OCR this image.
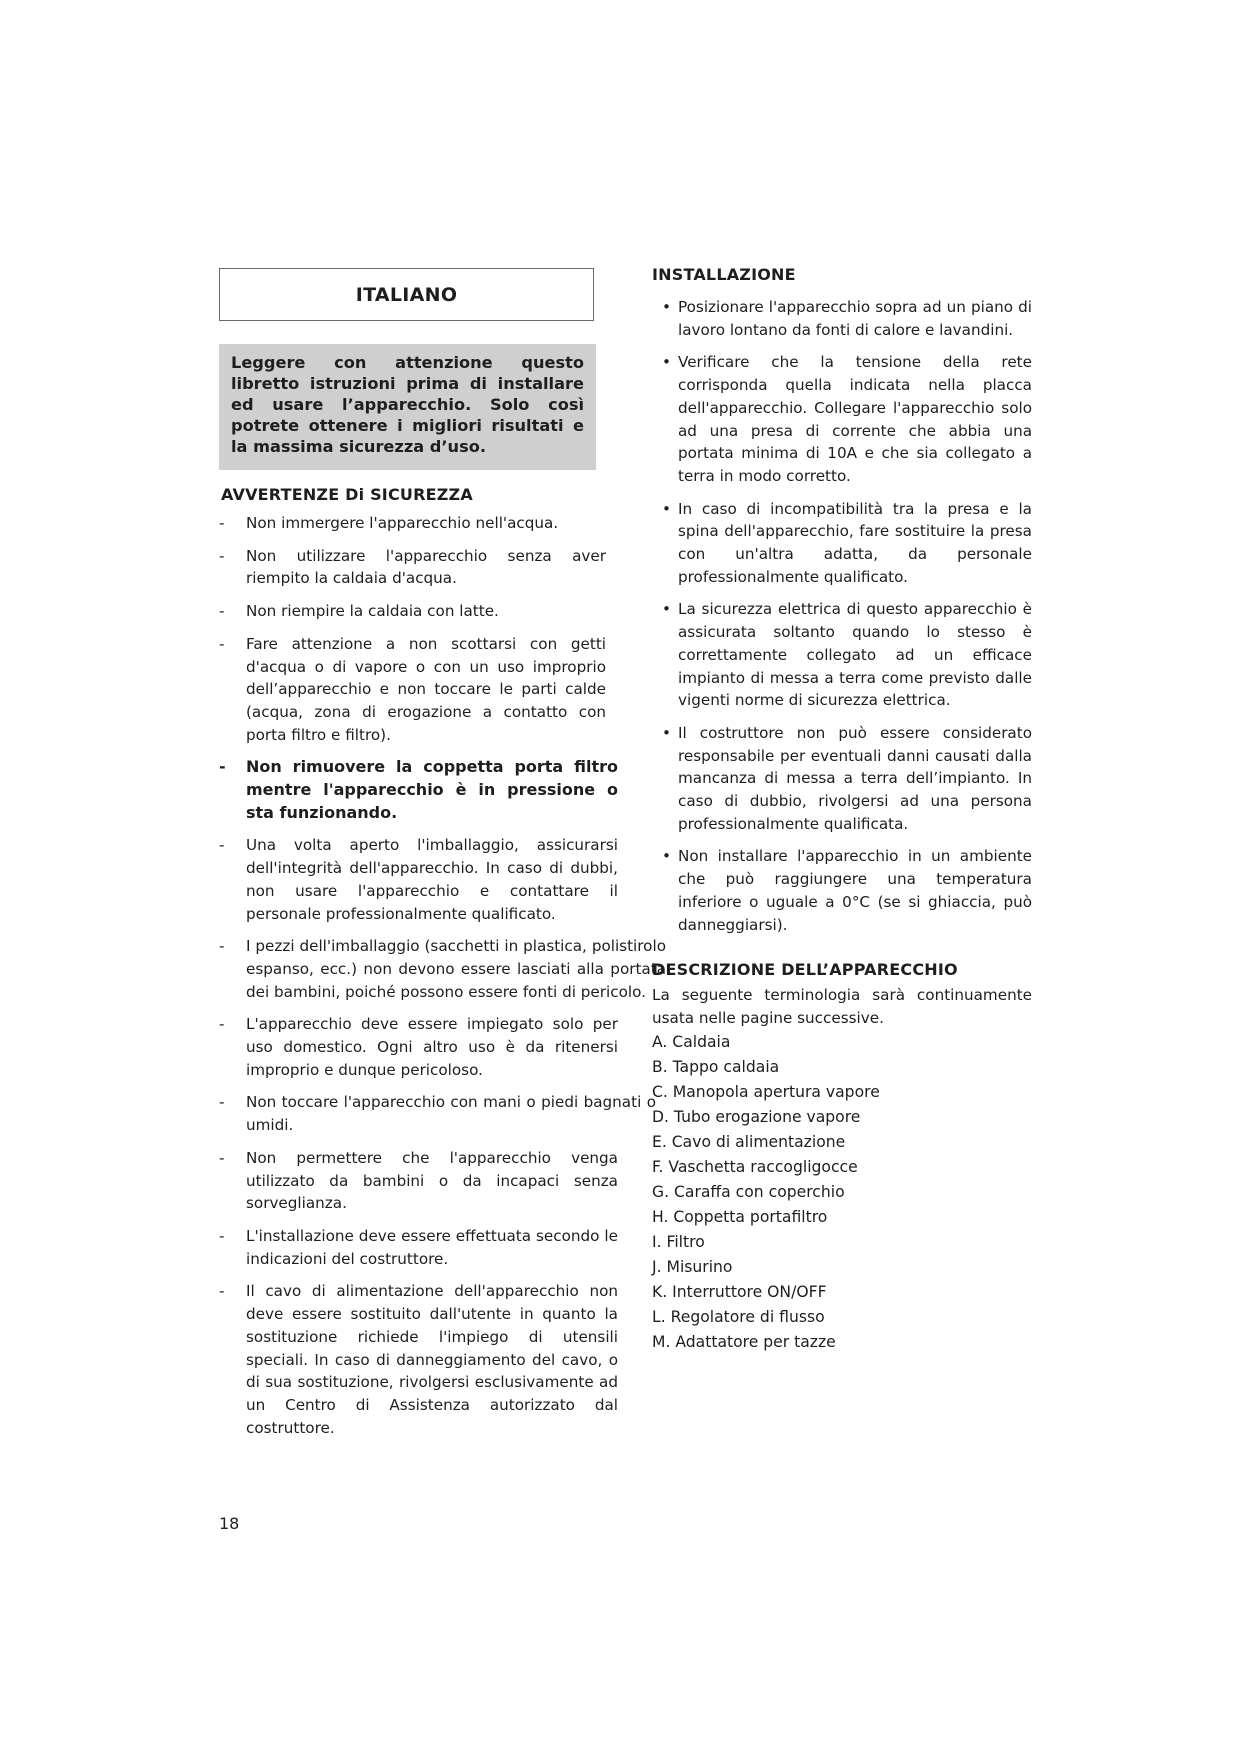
ITALIANO
Leggere con attenzione questo libretto istruzioni prima di installare ed usare l’apparecchio. Solo così potrete ottenere i migliori risultati e la massima sicurezza d’uso.
AVVERTENZE Di SICUREZZA
- Non immergere l'apparecchio nell'acqua.
- Non utilizzare l'apparecchio senza aver riempito la caldaia d'acqua.
- Non riempire la caldaia con latte.
- Fare attenzione a non scottarsi con getti d'acqua o di vapore o con un uso improprio dell’apparecchio e non toccare le parti calde (acqua, zona di erogazione a contatto con porta filtro e filtro).
- Non rimuovere la coppetta porta filtro mentre l'apparecchio è in pressione o sta funzionando.
- Una volta aperto l'imballaggio, assicurarsi dell'integrità dell'apparecchio. In caso di dubbi, non usare l'apparecchio e contattare il personale professionalmente qualificato.
- I pezzi dell'imballaggio (sacchetti in plastica, polistirolo espanso, ecc.) non devono essere lasciati alla portata dei bambini, poiché possono essere fonti di pericolo.
- L'apparecchio deve essere impiegato solo per uso domestico. Ogni altro uso è da ritenersi improprio e dunque pericoloso.
- Non toccare l'apparecchio con mani o piedi bagnati o umidi.
- Non permettere che l'apparecchio venga utilizzato da bambini o da incapaci senza sorveglianza.
- L'installazione deve essere effettuata secondo le indicazioni del costruttore.
- Il cavo di alimentazione dell'apparecchio non deve essere sostituito dall'utente in quanto la sostituzione richiede l'impiego di utensili speciali. In caso di danneggiamento del cavo, o di sua sostituzione, rivolgersi esclusivamente ad un Centro di Assistenza autorizzato dal costruttore.
INSTALLAZIONE
• Posizionare l'apparecchio sopra ad un piano di lavoro lontano da fonti di calore e lavandini.
• Verificare che la tensione della rete corrisponda quella indicata nella placca dell'apparecchio. Collegare l'apparecchio solo ad una presa di corrente che abbia una portata minima di 10A e che sia collegato a terra in modo corretto.
• In caso di incompatibilità tra la presa e la spina dell'apparecchio, fare sostituire la presa con un'altra adatta, da personale professionalmente qualificato.
• La sicurezza elettrica di questo apparecchio è assicurata soltanto quando lo stesso è correttamente collegato ad un efficace impianto di messa a terra come previsto dalle vigenti norme di sicurezza elettrica.
• Il costruttore non può essere considerato responsabile per eventuali danni causati dalla mancanza di messa a terra dell’impianto. In caso di dubbio, rivolgersi ad una persona professionalmente qualificata.
• Non installare l'apparecchio in un ambiente che può raggiungere una temperatura inferiore o uguale a 0°C (se si ghiaccia, può danneggiarsi).
DESCRIZIONE DELL’APPARECCHIO
La seguente terminologia sarà continuamente usata nelle pagine successive.
A. Caldaia
B. Tappo caldaia
C. Manopola apertura vapore
D. Tubo erogazione vapore
E. Cavo di alimentazione
F. Vaschetta raccogligocce
G. Caraffa con coperchio
H. Coppetta portafiltro
I. Filtro
J. Misurino
K. Interruttore ON/OFF
L. Regolatore di flusso
M. Adattatore per tazze
18
